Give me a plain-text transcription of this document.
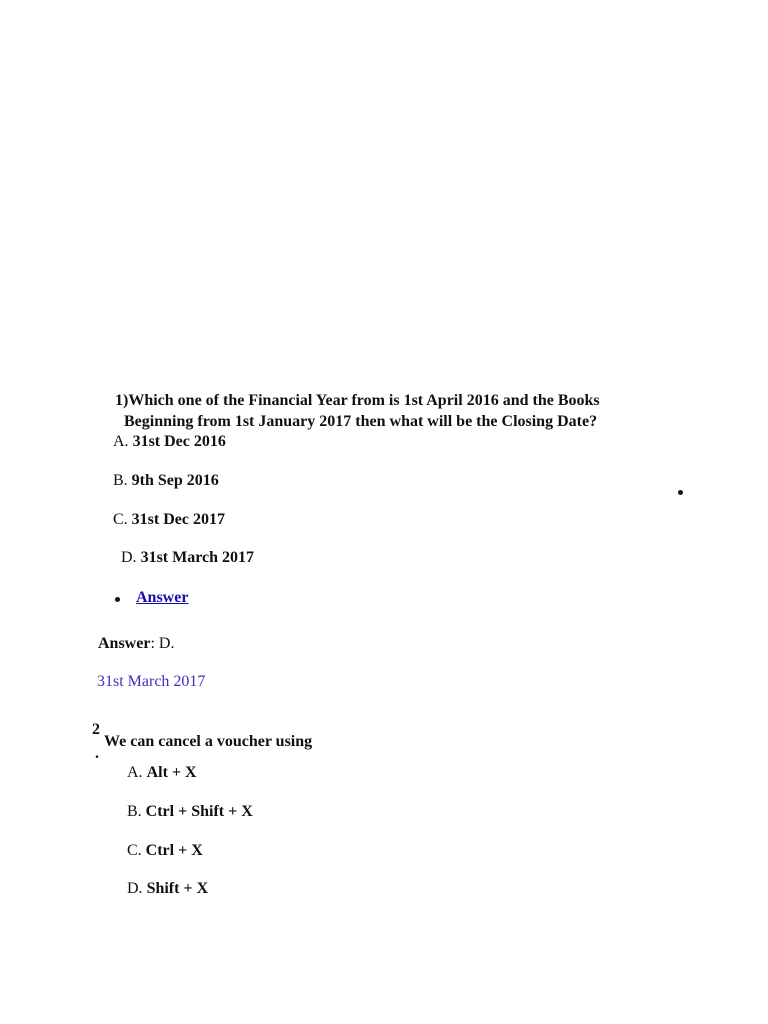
1)Which one of the Financial Year from is 1st April 2016 and the Books
Beginning from 1st January 2017 then what will be the Closing Date?
A. 31st Dec 2016
B. 9th Sep 2016
C. 31st Dec 2017
D. 31st March 2017
Answer
Answer: D.
31st March 2017
2
.
We can cancel a voucher using
A. Alt + X
B. Ctrl + Shift + X
C. Ctrl + X
D. Shift + X
